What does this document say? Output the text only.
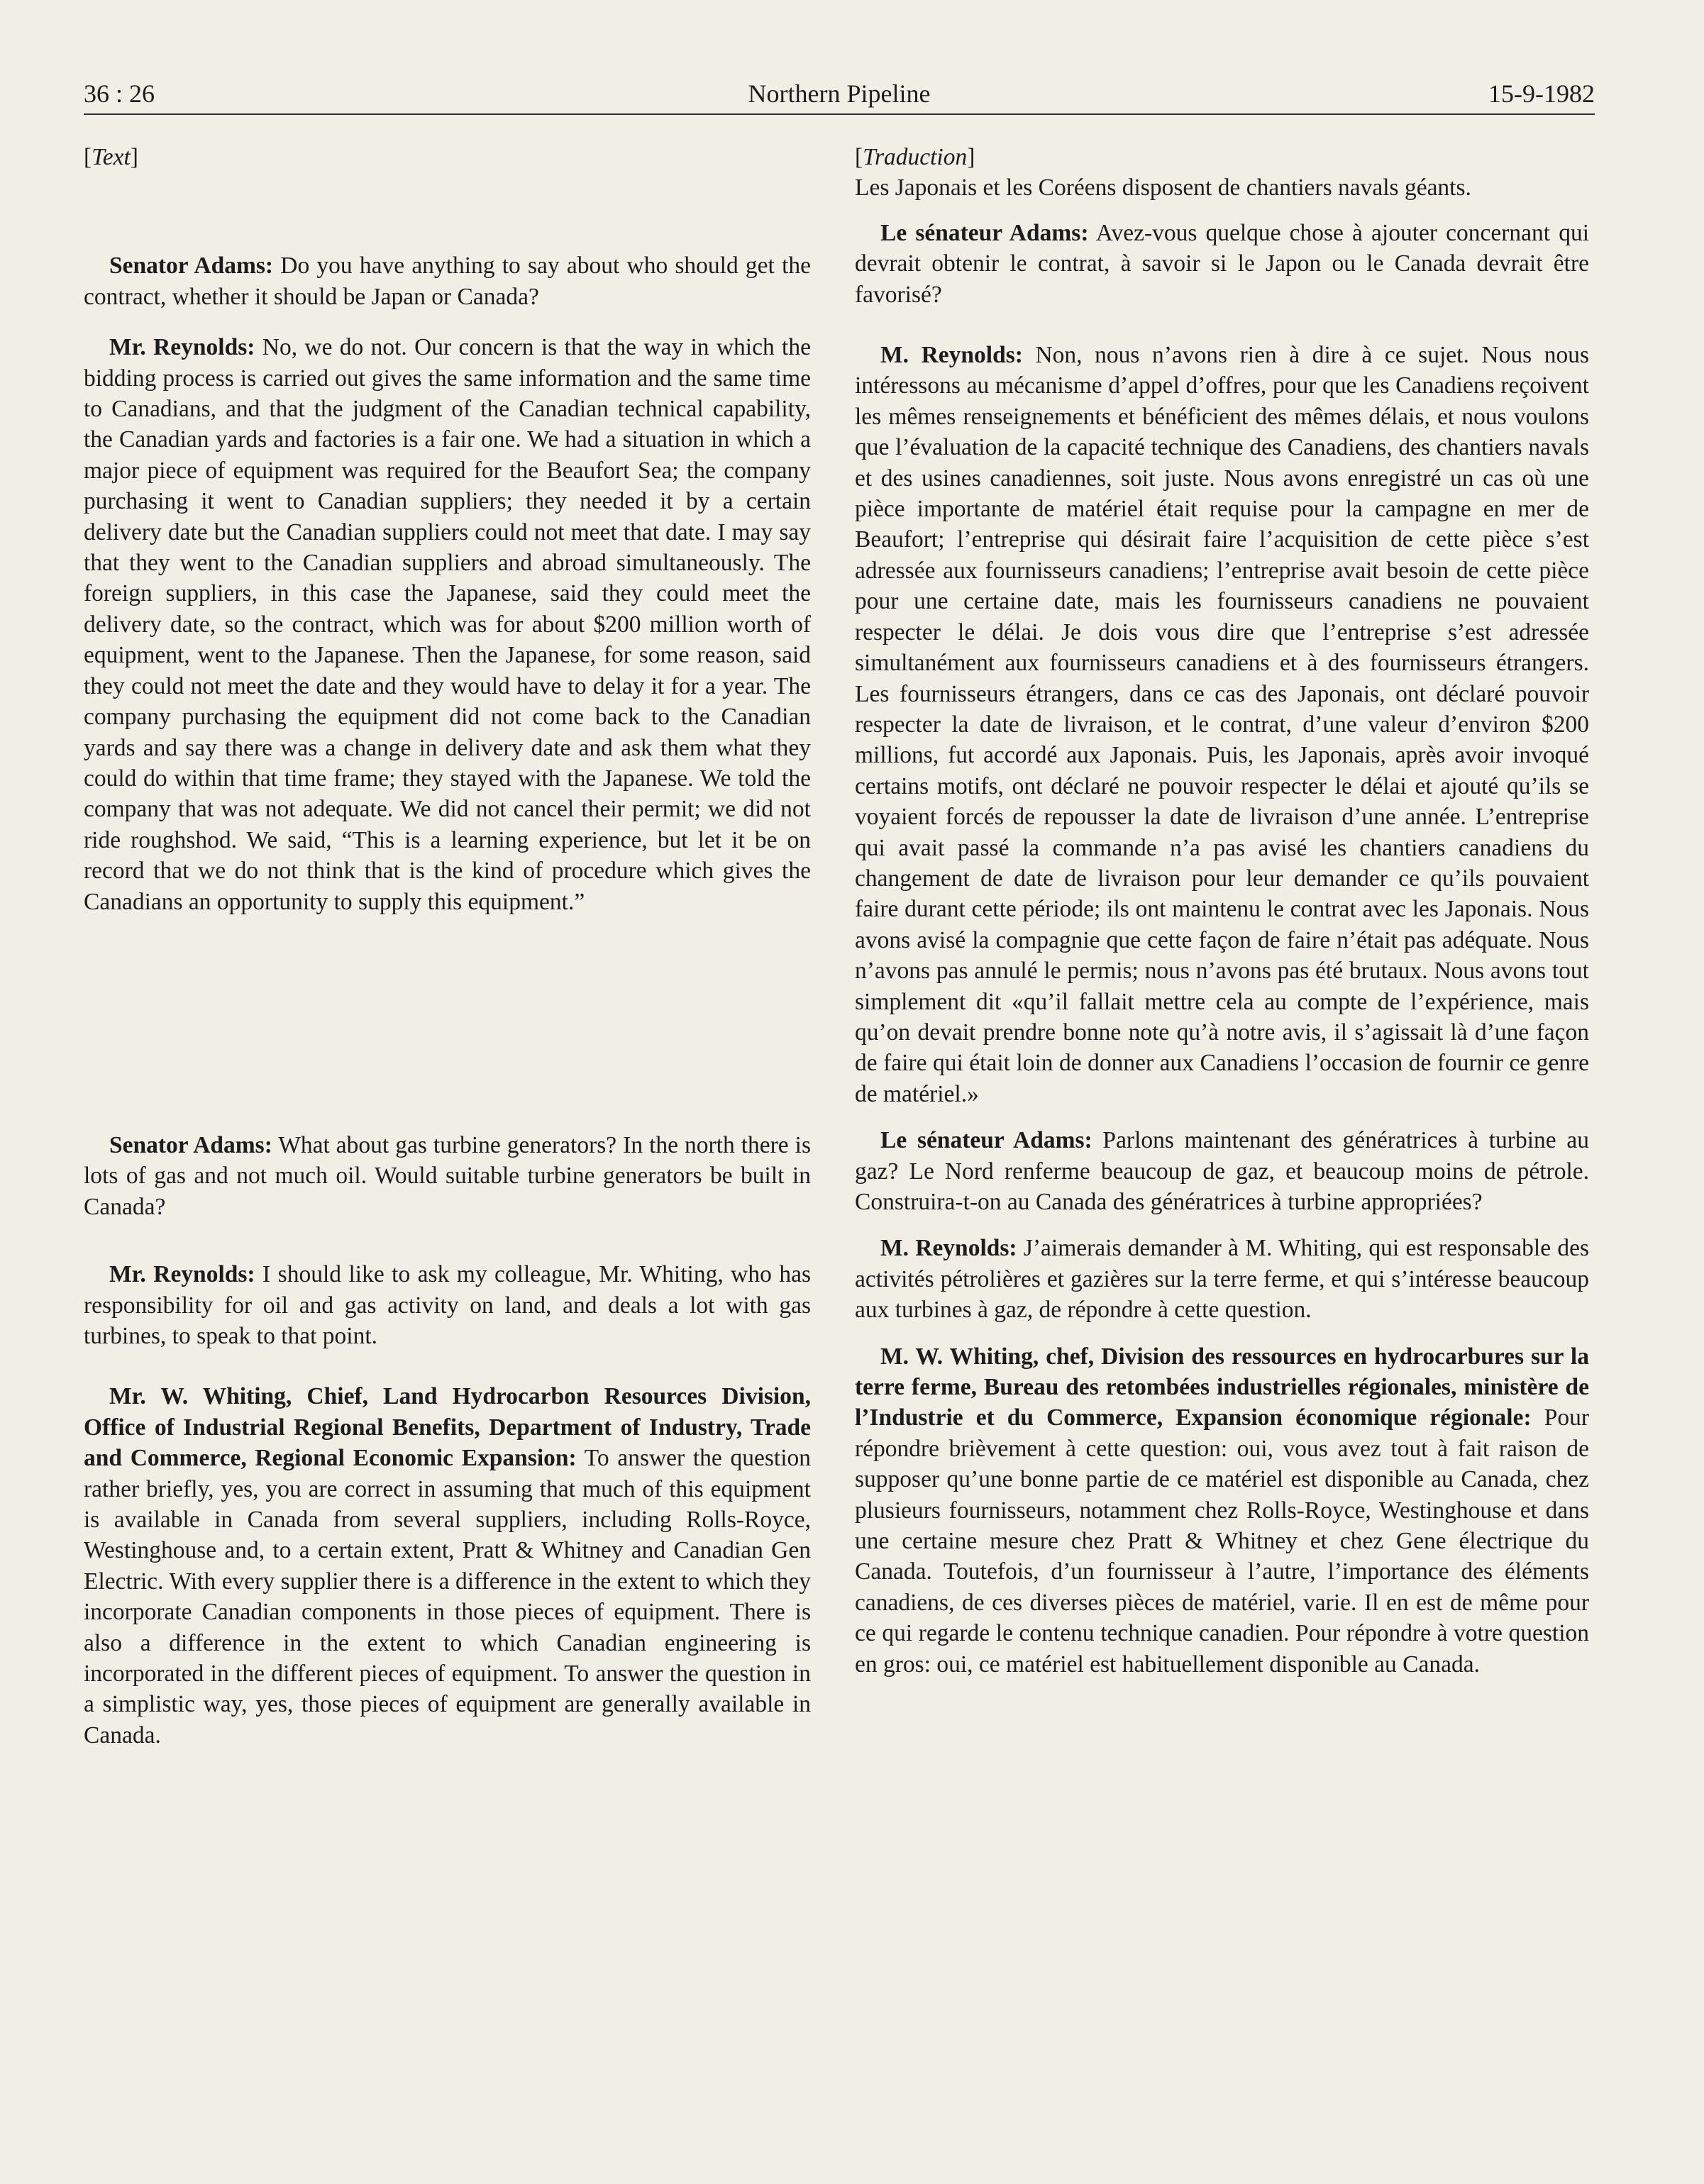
36 : 26	Northern Pipeline	15-9-1982

[Text]

Senator Adams: Do you have anything to say about who should get the contract, whether it should be Japan or Canada?

Mr. Reynolds: No, we do not. Our concern is that the way in which the bidding process is carried out gives the same information and the same time to Canadians, and that the judgment of the Canadian technical capability, the Canadian yards and factories is a fair one. We had a situation in which a major piece of equipment was required for the Beaufort Sea; the company purchasing it went to Canadian suppliers; they needed it by a certain delivery date but the Canadian suppliers could not meet that date. I may say that they went to the Canadian suppliers and abroad simultaneously. The foreign suppliers, in this case the Japanese, said they could meet the delivery date, so the contract, which was for about $200 million worth of equipment, went to the Japanese. Then the Japanese, for some reason, said they could not meet the date and they would have to delay it for a year. The company purchasing the equipment did not come back to the Canadian yards and say there was a change in delivery date and ask them what they could do within that time frame; they stayed with the Japanese. We told the company that was not adequate. We did not cancel their permit; we did not ride roughshod. We said, “This is a learning experience, but let it be on record that we do not think that is the kind of procedure which gives the Canadians an opportunity to supply this equipment.”

Senator Adams: What about gas turbine generators? In the north there is lots of gas and not much oil. Would suitable turbine generators be built in Canada?

Mr. Reynolds: I should like to ask my colleague, Mr. Whiting, who has responsibility for oil and gas activity on land, and deals a lot with gas turbines, to speak to that point.

Mr. W. Whiting, Chief, Land Hydrocarbon Resources Division, Office of Industrial Regional Benefits, Department of Industry, Trade and Commerce, Regional Economic Expansion: To answer the question rather briefly, yes, you are correct in assuming that much of this equipment is available in Canada from several suppliers, including Rolls-Royce, Westinghouse and, to a certain extent, Pratt & Whitney and Canadian Gen Electric. With every supplier there is a difference in the extent to which they incorporate Canadian components in those pieces of equipment. There is also a difference in the extent to which Canadian engineering is incorporated in the different pieces of equipment. To answer the question in a simplistic way, yes, those pieces of equipment are generally available in Canada.

[Traduction]

Les Japonais et les Coréens disposent de chantiers navals géants.

Le sénateur Adams: Avez-vous quelque chose à ajouter concernant qui devrait obtenir le contrat, à savoir si le Japon ou le Canada devrait être favorisé?

M. Reynolds: Non, nous n’avons rien à dire à ce sujet. Nous nous intéressons au mécanisme d’appel d’offres, pour que les Canadiens reçoivent les mêmes renseignements et bénéficient des mêmes délais, et nous voulons que l’évaluation de la capacité technique des Canadiens, des chantiers navals et des usines canadiennes, soit juste. Nous avons enregistré un cas où une pièce importante de matériel était requise pour la campagne en mer de Beaufort; l’entreprise qui désirait faire l’acquisition de cette pièce s’est adressée aux fournisseurs canadiens; l’entreprise avait besoin de cette pièce pour une certaine date, mais les fournisseurs canadiens ne pouvaient respecter le délai. Je dois vous dire que l’entreprise s’est adressée simultanément aux fournisseurs canadiens et à des fournisseurs étrangers. Les fournisseurs étrangers, dans ce cas des Japonais, ont déclaré pouvoir respecter la date de livraison, et le contrat, d’une valeur d’environ $200 millions, fut accordé aux Japonais. Puis, les Japonais, après avoir invoqué certains motifs, ont déclaré ne pouvoir respecter le délai et ajouté qu’ils se voyaient forcés de repousser la date de livraison d’une année. L’entreprise qui avait passé la commande n’a pas avisé les chantiers canadiens du changement de date de livraison pour leur demander ce qu’ils pouvaient faire durant cette période; ils ont maintenu le contrat avec les Japonais. Nous avons avisé la compagnie que cette façon de faire n’était pas adéquate. Nous n’avons pas annulé le permis; nous n’avons pas été brutaux. Nous avons tout simplement dit «qu’il fallait mettre cela au compte de l’expérience, mais qu’on devait prendre bonne note qu’à notre avis, il s’agissait là d’une façon de faire qui était loin de donner aux Canadiens l’occasion de fournir ce genre de matériel.»

Le sénateur Adams: Parlons maintenant des génératrices à turbine au gaz? Le Nord renferme beaucoup de gaz, et beaucoup moins de pétrole. Construira-t-on au Canada des génératrices à turbine appropriées?

M. Reynolds: J’aimerais demander à M. Whiting, qui est responsable des activités pétrolières et gazières sur la terre ferme, et qui s’intéresse beaucoup aux turbines à gaz, de répondre à cette question.

M. W. Whiting, chef, Division des ressources en hydrocarbures sur la terre ferme, Bureau des retombées industrielles régionales, ministère de l’Industrie et du Commerce, Expansion économique régionale: Pour répondre brièvement à cette question: oui, vous avez tout à fait raison de supposer qu’une bonne partie de ce matériel est disponible au Canada, chez plusieurs fournisseurs, notamment chez Rolls-Royce, Westinghouse et dans une certaine mesure chez Pratt & Whitney et chez Gene électrique du Canada. Toutefois, d’un fournisseur à l’autre, l’importance des éléments canadiens, de ces diverses pièces de matériel, varie. Il en est de même pour ce qui regarde le contenu technique canadien. Pour répondre à votre question en gros: oui, ce matériel est habituellement disponible au Canada.
